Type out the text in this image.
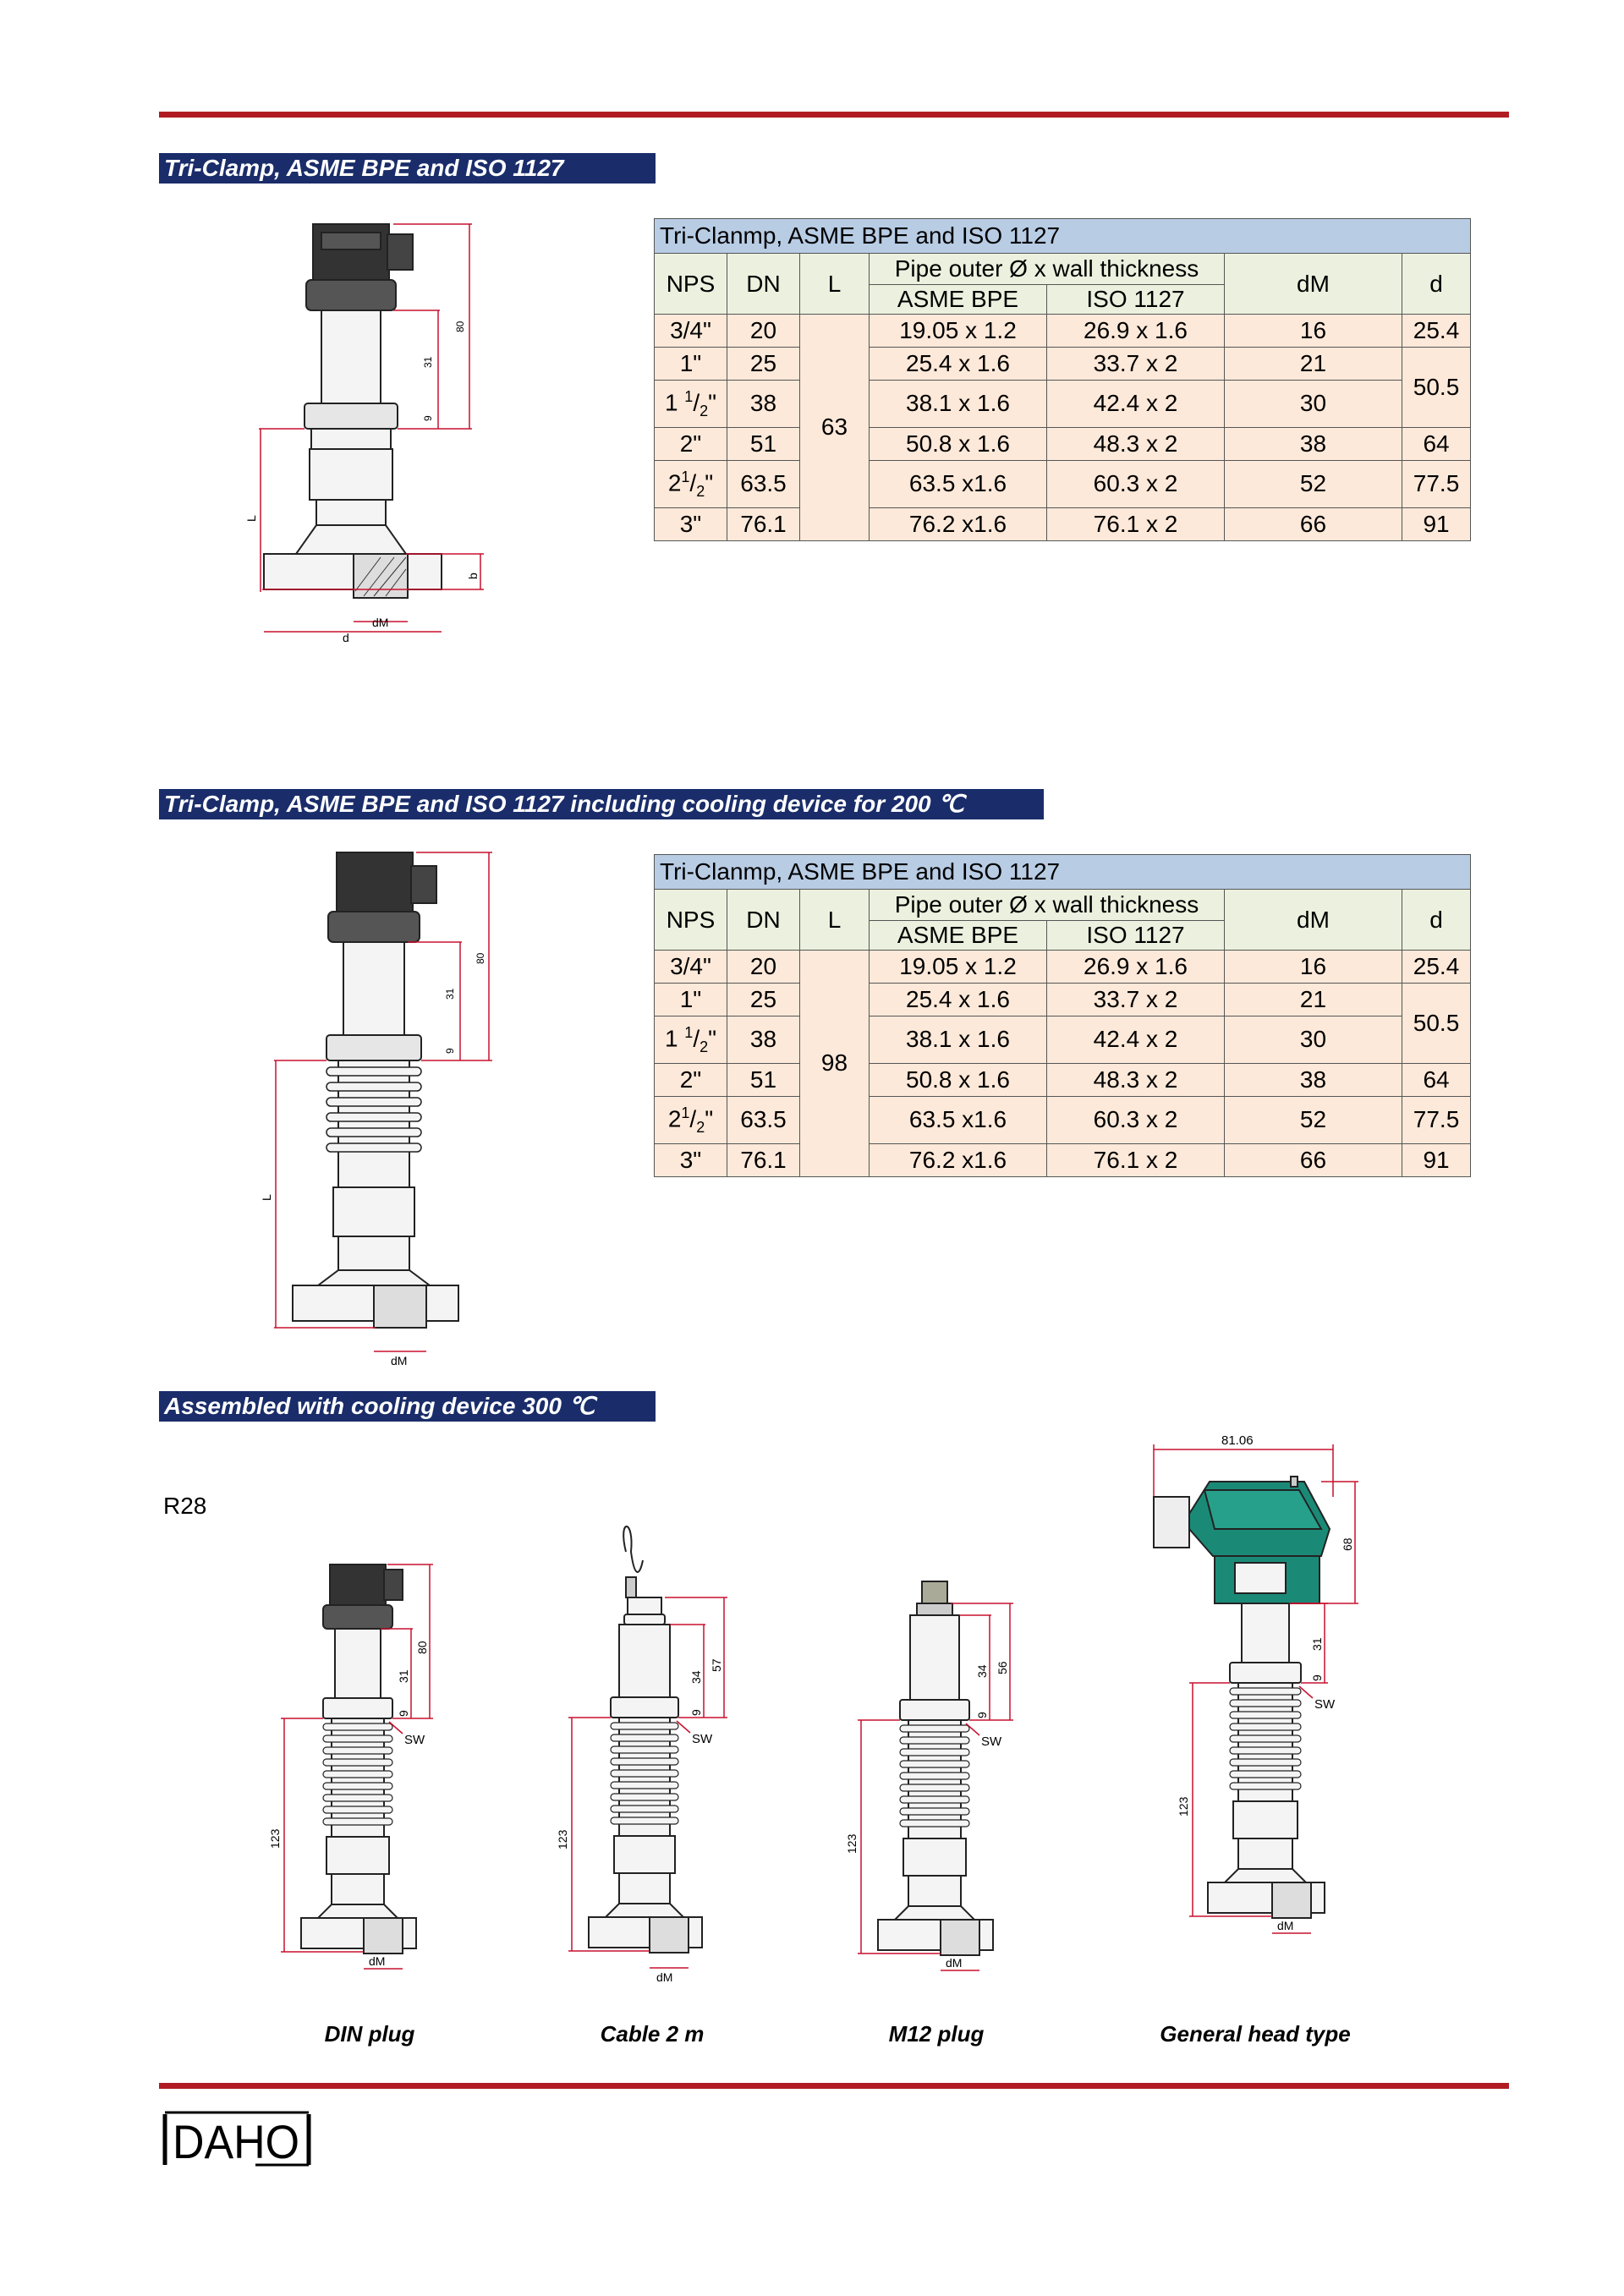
Tri-Clamp, ASME BPE and ISO 1127
80
31
9
L
b
dM
d
Tri-Clanmp, ASME BPE and ISO 1127						
NPS	DN	L	Pipe outer Ø x wall thickness		dM	d
			ASME BPE	ISO 1127		
3/4"	20	63	19.05 x 1.2	26.9 x 1.6	16	25.4
1"	25		25.4 x 1.6	33.7 x 2	21	50.5
1 $^1/_2$"	38		38.1 x 1.6	42.4 x 2	30	
2"	51		50.8 x 1.6	48.3 x 2	38	64
$2^1/_2$"	63.5		63.5 x1.6	60.3 x 2	52	77.5
3"	76.1		76.2 x1.6	76.1 x 2	66	91
Tri-Clamp, ASME BPE and ISO 1127 including cooling device for 200 ℃
80
31
9
L
dM
Tri-Clanmp, ASME BPE and ISO 1127						
NPS	DN	L	Pipe outer Ø x wall thickness		dM	d
			ASME BPE	ISO 1127		
3/4"	20	98	19.05 x 1.2	26.9 x 1.6	16	25.4
1"	25		25.4 x 1.6	33.7 x 2	21	50.5
1 $^1/_2$"	38		38.1 x 1.6	42.4 x 2	30	
2"	51		50.8 x 1.6	48.3 x 2	38	64
$2^1/_2$"	63.5		63.5 x1.6	60.3 x 2	52	77.5
3"	76.1		76.2 x1.6	76.1 x 2	66	91
Assembled with cooling device 300 ℃
R28
80
31
9
123
SW
dM
57
34
9
123
SW
dM
56
34
9
123
SW
dM
81.06
68
31
9
123
SW
dM
DIN plug	Cable 2 m	M12 plug	General head type
DAHO
